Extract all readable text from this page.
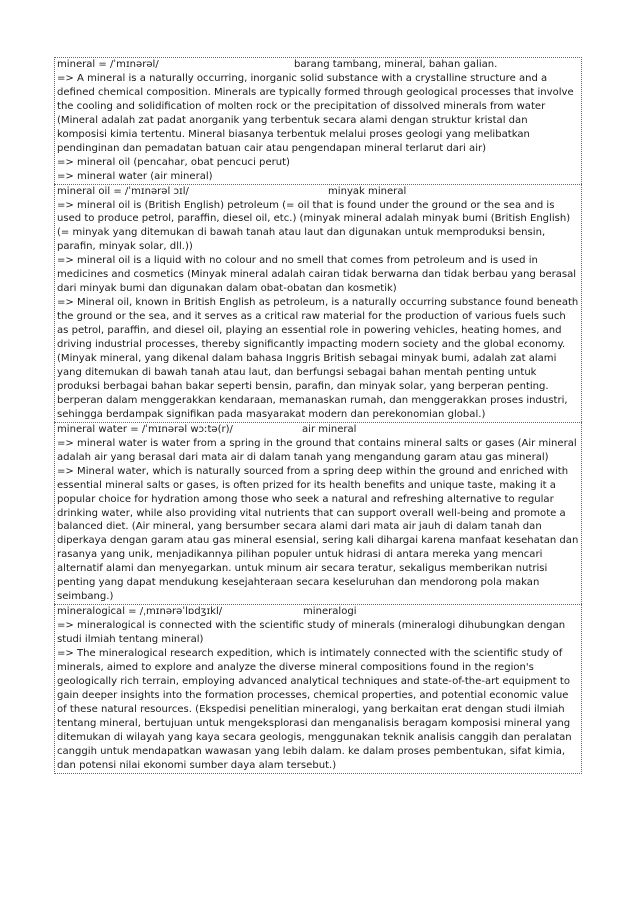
mineral = /ˈmɪnərəl/	barang tambang, mineral, bahan galian.
=> A mineral is a naturally occurring, inorganic solid substance with a crystalline structure and a defined chemical composition. Minerals are typically formed through geological processes that involve the cooling and solidification of molten rock or the precipitation of dissolved minerals from water (Mineral adalah zat padat anorganik yang terbentuk secara alami dengan struktur kristal dan komposisi kimia tertentu. Mineral biasanya terbentuk melalui proses geologi yang melibatkan pendinginan dan pemadatan batuan cair atau pengendapan mineral terlarut dari air)
=> mineral oil (pencahar, obat pencuci perut)
=> mineral water (air mineral)
mineral oil = /ˈmɪnərəl ɔɪl/	minyak mineral
=> mineral oil is (British English) petroleum (= oil that is found under the ground or the sea and is used to produce petrol, paraffin, diesel oil, etc.) (minyak mineral adalah minyak bumi (British English) (= minyak yang ditemukan di bawah tanah atau laut dan digunakan untuk memproduksi bensin, parafin, minyak solar, dll.))
=> mineral oil is a liquid with no colour and no smell that comes from petroleum and is used in medicines and cosmetics (Minyak mineral adalah cairan tidak berwarna dan tidak berbau yang berasal dari minyak bumi dan digunakan dalam obat-obatan dan kosmetik)
=> Mineral oil, known in British English as petroleum, is a naturally occurring substance found beneath the ground or the sea, and it serves as a critical raw material for the production of various fuels such as petrol, paraffin, and diesel oil, playing an essential role in powering vehicles, heating homes, and driving industrial processes, thereby significantly impacting modern society and the global economy. (Minyak mineral, yang dikenal dalam bahasa Inggris British sebagai minyak bumi, adalah zat alami yang ditemukan di bawah tanah atau laut, dan berfungsi sebagai bahan mentah penting untuk produksi berbagai bahan bakar seperti bensin, parafin, dan minyak solar, yang berperan penting. berperan dalam menggerakkan kendaraan, memanaskan rumah, dan menggerakkan proses industri, sehingga berdampak signifikan pada masyarakat modern dan perekonomian global.)
mineral water = /ˈmɪnərəl wɔːtə(r)/	air mineral
=> mineral water is water from a spring in the ground that contains mineral salts or gases (Air mineral adalah air yang berasal dari mata air di dalam tanah yang mengandung garam atau gas mineral)
=> Mineral water, which is naturally sourced from a spring deep within the ground and enriched with essential mineral salts or gases, is often prized for its health benefits and unique taste, making it a popular choice for hydration among those who seek a natural and refreshing alternative to regular drinking water, while also providing vital nutrients that can support overall well-being and promote a balanced diet. (Air mineral, yang bersumber secara alami dari mata air jauh di dalam tanah dan diperkaya dengan garam atau gas mineral esensial, sering kali dihargai karena manfaat kesehatan dan rasanya yang unik, menjadikannya pilihan populer untuk hidrasi di antara mereka yang mencari alternatif alami dan menyegarkan. untuk minum air secara teratur, sekaligus memberikan nutrisi penting yang dapat mendukung kesejahteraan secara keseluruhan dan mendorong pola makan seimbang.)
mineralogical = /ˌmɪnərəˈlɒdʒɪkl/	mineralogi
=> mineralogical is connected with the scientific study of minerals (mineralogi dihubungkan dengan studi ilmiah tentang mineral)
=> The mineralogical research expedition, which is intimately connected with the scientific study of minerals, aimed to explore and analyze the diverse mineral compositions found in the region's geologically rich terrain, employing advanced analytical techniques and state-of-the-art equipment to gain deeper insights into the formation processes, chemical properties, and potential economic value of these natural resources. (Ekspedisi penelitian mineralogi, yang berkaitan erat dengan studi ilmiah tentang mineral, bertujuan untuk mengeksplorasi dan menganalisis beragam komposisi mineral yang ditemukan di wilayah yang kaya secara geologis, menggunakan teknik analisis canggih dan peralatan canggih untuk mendapatkan wawasan yang lebih dalam. ke dalam proses pembentukan, sifat kimia, dan potensi nilai ekonomi sumber daya alam tersebut.)
